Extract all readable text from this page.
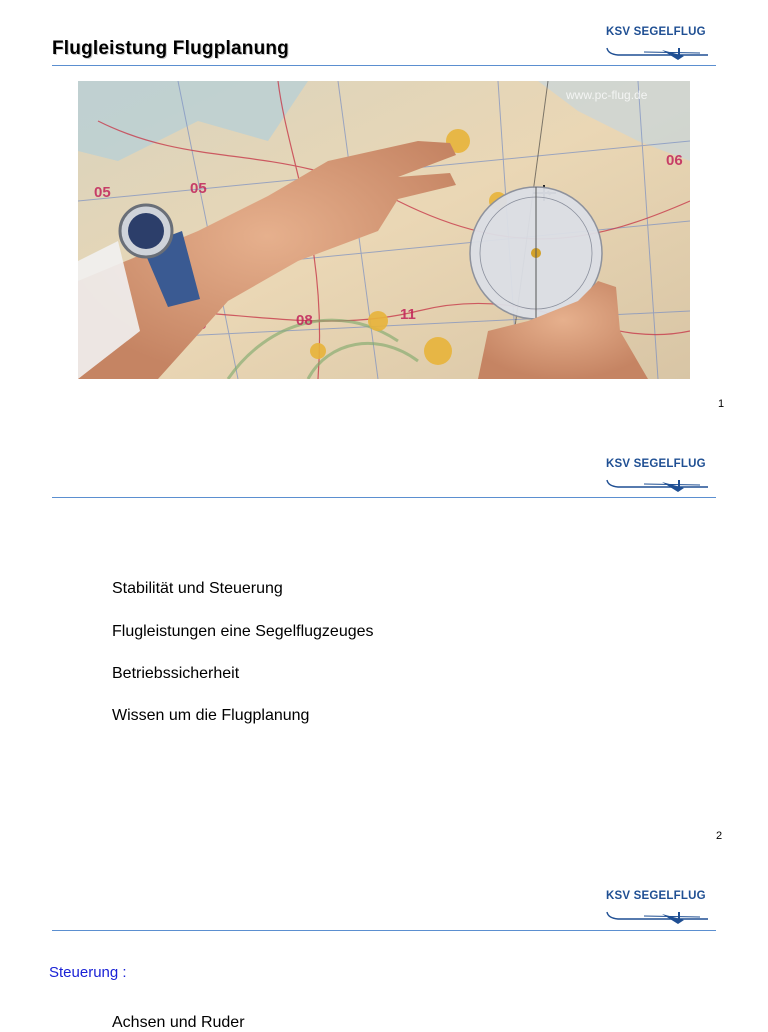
KSV SEGELFLUG
Flugleistung Flugplanung
05	05
06
08	11
www.pc-flug.de
1
KSV SEGELFLUG
Stabilität und Steuerung
Flugleistungen eine Segelflugzeuges
Betriebssicherheit
Wissen um die Flugplanung
2
KSV SEGELFLUG
Steuerung :
Achsen und Ruder
